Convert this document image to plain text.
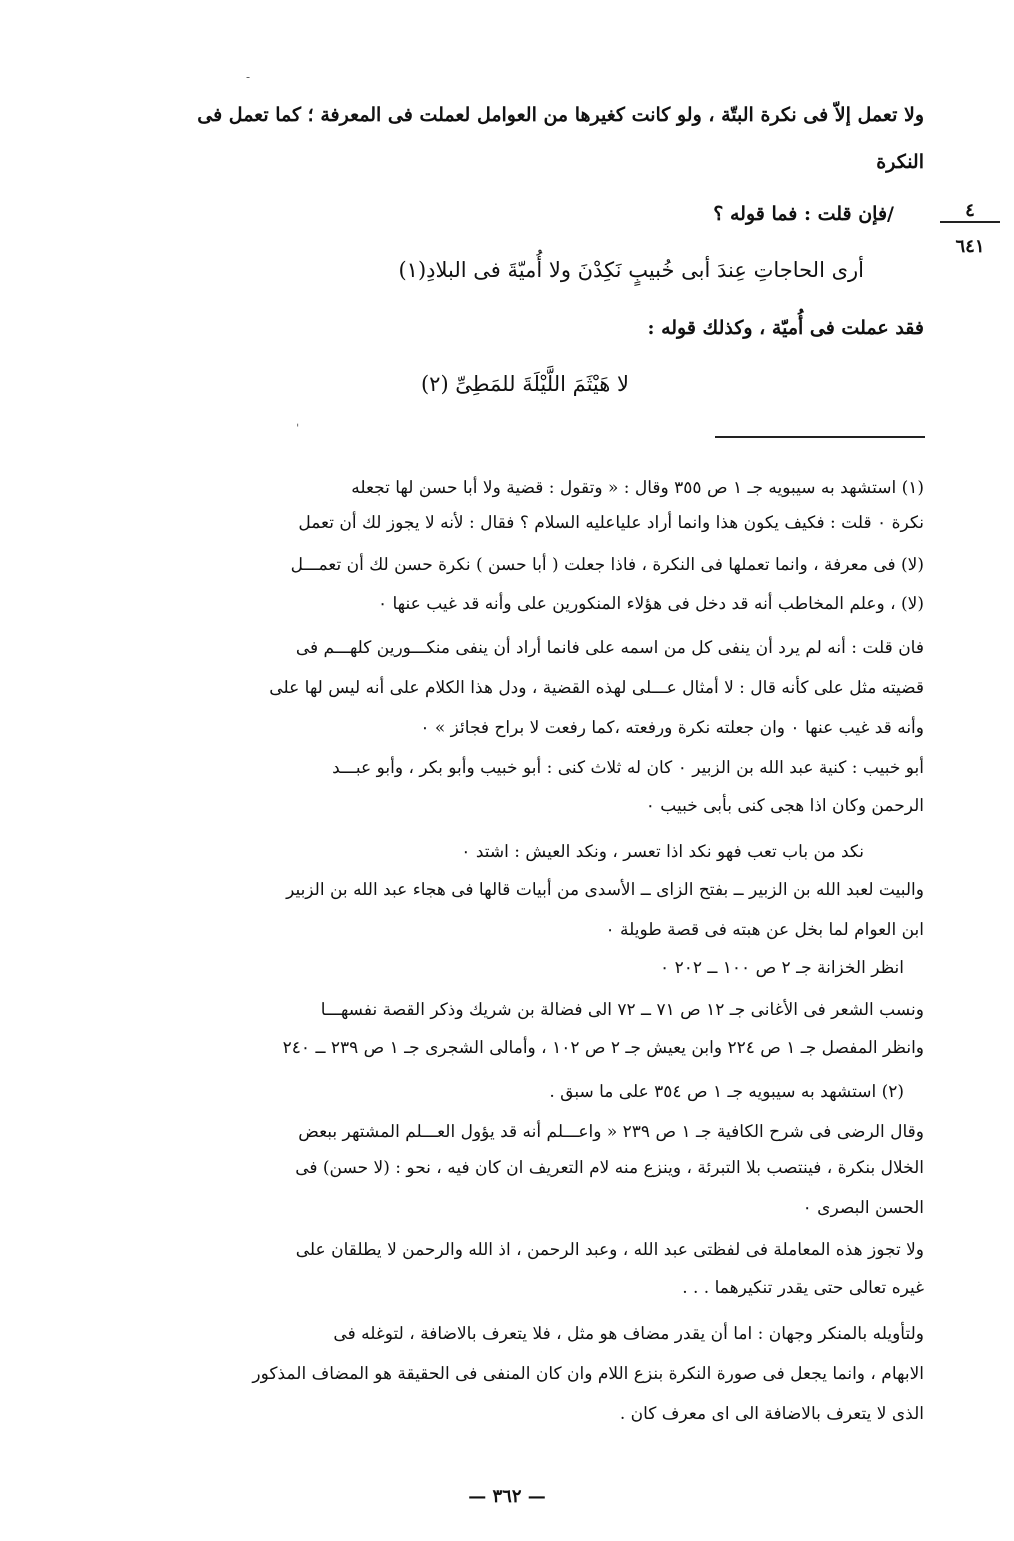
ولا تعمل إلاّ فى نكرة البتّة ، ولو كانت كغيرها من العوامل لعملت فى المعرفة ؛ كما تعمل فى
النكرة
/فإن قلت : فما قوله ؟	٤
٦٤١
أرى الحاجاتِ عِندَ أبى خُبيبٍ نَكِدْنَ ولا أُميّةَ فى البلادِ(١)
فقد عملت فى أُميّة ، وكذلك قوله :
لا هَيْثَمَ اللَّيْلَةَ للمَطِىِّ (٢)
(١) استشهد به سيبويه جـ ١ ص ٣٥٥ وقال : « وتقول : قضية ولا أبا حسن لها تجعله
نكرة ٠ قلت : فكيف يكون هذا وانما أراد علياعليه السلام ؟ فقال : لأنه لا يجوز لك أن تعمل
(لا) فى معرفة ، وانما تعملها فى النكرة ، فاذا جعلت ( أبا حسن ) نكرة حسن لك أن تعمـــل
(لا) ، وعلم المخاطب أنه قد دخل فى هؤلاء المنكورين على وأنه قد غيب عنها ٠
فان قلت : أنه لم يرد أن ينفى كل من اسمه على فانما أراد أن ينفى منكـــورين كلهـــم فى
قضيته مثل على كأنه قال : لا أمثال عـــلى لهذه القضية ، ودل هذا الكلام على أنه ليس لها على
وأنه قد غيب عنها ٠ وان جعلته نكرة ورفعته ،كما رفعت لا براح فجائز » ٠
أبو خبيب : كنية عبد الله بن الزبير ٠ كان له ثلاث كنى : أبو خبيب وأبو بكر ، وأبو عبـــد
الرحمن وكان اذا هجى كنى بأبى خبيب ٠
نكد من باب تعب فهو نكد اذا تعسر ، ونكد العيش : اشتد ٠
والبيت لعبد الله بن الزبير ــ بفتح الزاى ــ الأسدى من أبيات قالها فى هجاء عبد الله بن الزبير
ابن العوام لما بخل عن هبته فى قصة طويلة ٠
انظر الخزانة جـ ٢ ص ١٠٠ ــ ٢٠٢ ٠
ونسب الشعر فى الأغانى جـ ١٢ ص ٧١ ــ ٧٢ الى فضالة بن شريك وذكر القصة نفسهـــا
وانظر المفصل جـ ١ ص ٢٢٤ وابن يعيش جـ ٢ ص ١٠٢ ، وأمالى الشجرى جـ ١ ص ٢٣٩ ــ ٢٤٠
(٢) استشهد به سيبويه جـ ١ ص ٣٥٤ على ما سبق .
وقال الرضى فى شرح الكافية جـ ١ ص ٢٣٩ « واعـــلم أنه قد يؤول العـــلم المشتهر ببعض
الخلال بنكرة ، فينتصب بلا التبرئة ، وينزع منه لام التعريف ان كان فيه ، نحو : (لا حسن) فى
الحسن البصرى ٠
ولا تجوز هذه المعاملة فى لفظتى عبد الله ، وعبد الرحمن ، اذ الله والرحمن لا يطلقان على
غيره تعالى حتى يقدر تنكيرهما . . .
ولتأويله بالمنكر وجهان : اما أن يقدر مضاف هو مثل ، فلا يتعرف بالاضافة ، لتوغله فى
الابهام ، وانما يجعل فى صورة النكرة بنزع اللام وان كان المنفى فى الحقيقة هو المضاف المذكور
الذى لا يتعرف بالاضافة الى اى معرف كان .
— ٣٦٢ —
-
ˈ
